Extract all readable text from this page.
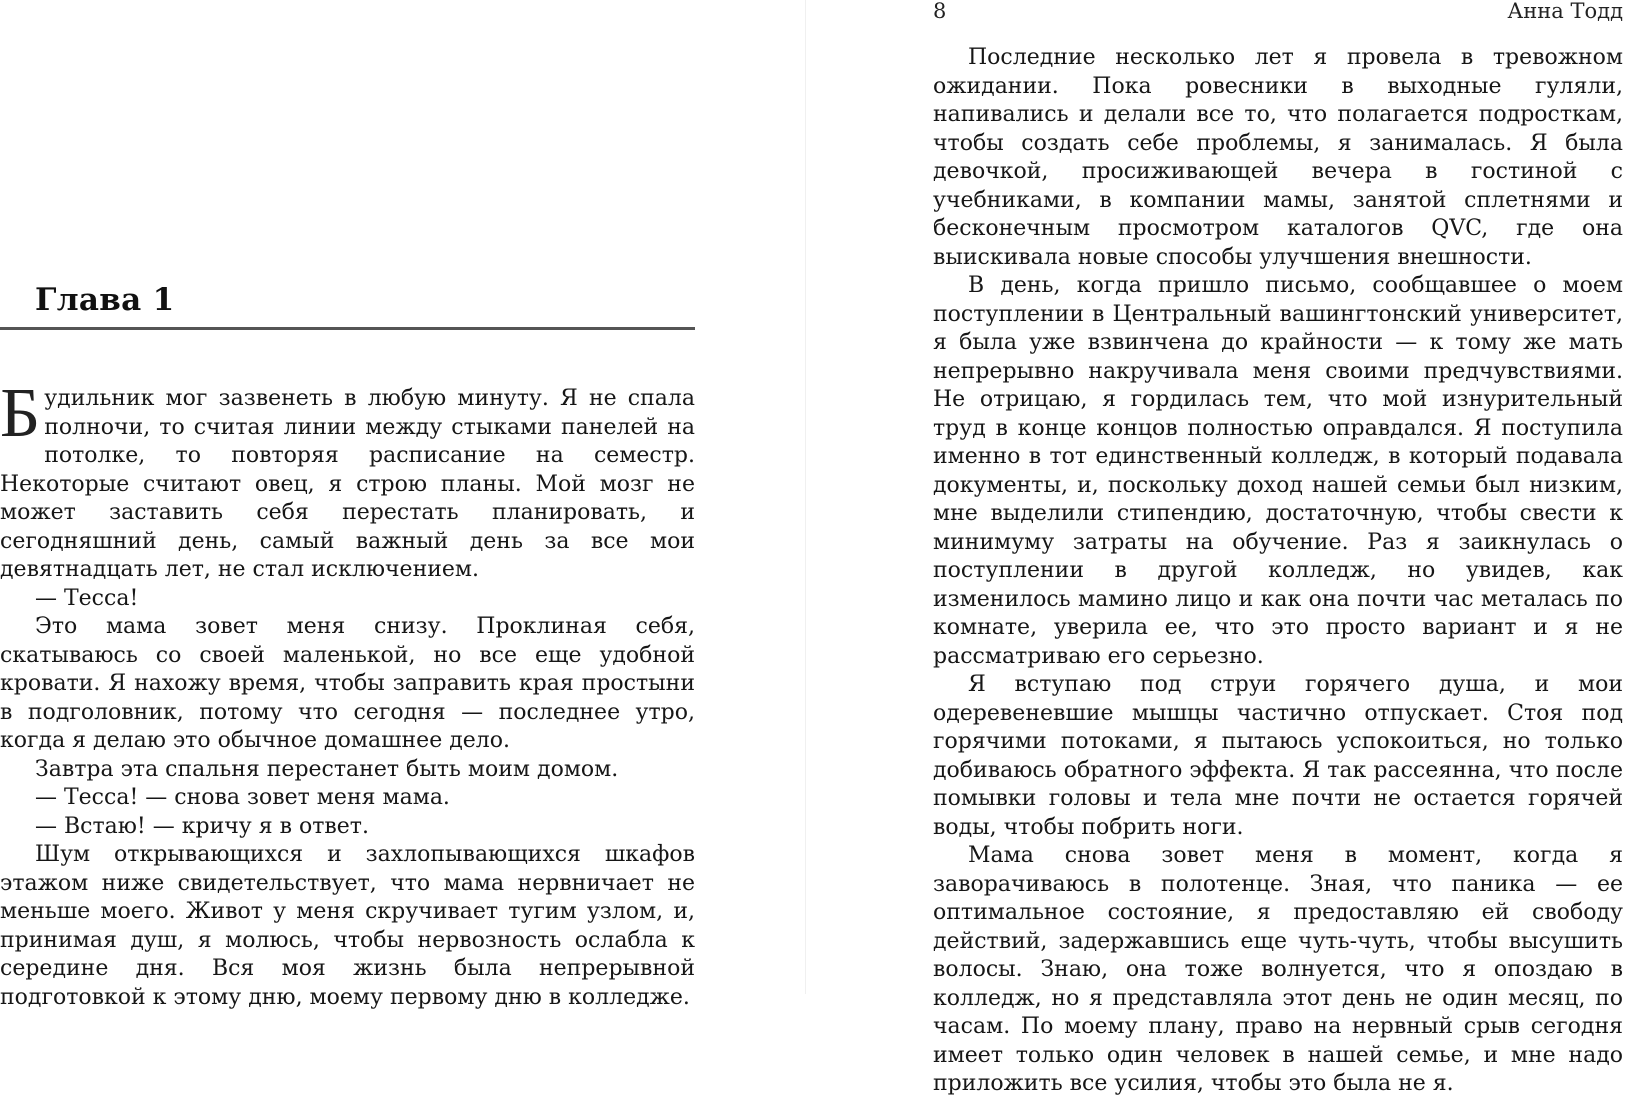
Глава 1

Будильник мог зазвенеть в любую минуту. Я не спала полночи, то считая линии между стыками панелей на потолке, то повторяя расписание на семестр. Некоторые считают овец, я строю планы. Мой мозг не может заставить себя перестать планировать, и сегодняшний день, самый важный день за все мои девятнадцать лет, не стал исключением.

— Тесса!

Это мама зовет меня снизу. Проклиная себя, скатываюсь со своей маленькой, но все еще удобной кровати. Я нахожу время, чтобы заправить края простыни в подголовник, потому что сегодня — последнее утро, когда я делаю это обычное домашнее дело.

Завтра эта спальня перестанет быть моим домом.

— Тесса! — снова зовет меня мама.

— Встаю! — кричу я в ответ.

Шум открывающихся и захлопывающихся шкафов этажом ниже свидетельствует, что мама нервничает не меньше моего. Живот у меня скручивает тугим узлом, и, принимая душ, я молюсь, чтобы нервозность ослабла к середине дня. Вся моя жизнь была непрерывной подготовкой к этому дню, моему первому дню в колледже.

8	Анна Тодд

Последние несколько лет я провела в тревожном ожидании. Пока ровесники в выходные гуляли, напивались и делали все то, что полагается подросткам, чтобы создать себе проблемы, я занималась. Я была девочкой, просиживающей вечера в гостиной с учебниками, в компании мамы, занятой сплетнями и бесконечным просмотром каталогов QVC, где она выискивала новые способы улучшения внешности.

В день, когда пришло письмо, сообщавшее о моем поступлении в Центральный вашингтонский университет, я была уже взвинчена до крайности — к тому же мать непрерывно накручивала меня своими предчувствиями. Не отрицаю, я гордилась тем, что мой изнурительный труд в конце концов полностью оправдался. Я поступила именно в тот единственный колледж, в который подавала документы, и, поскольку доход нашей семьи был низким, мне выделили стипендию, достаточную, чтобы свести к минимуму затраты на обучение. Раз я заикнулась о поступлении в другой колледж, но увидев, как изменилось мамино лицо и как она почти час металась по комнате, уверила ее, что это просто вариант и я не рассматриваю его серьезно.

Я вступаю под струи горячего душа, и мои одеревеневшие мышцы частично отпускает. Стоя под горячими потоками, я пытаюсь успокоиться, но только добиваюсь обратного эффекта. Я так рассеянна, что после помывки головы и тела мне почти не остается горячей воды, чтобы побрить ноги.

Мама снова зовет меня в момент, когда я заворачиваюсь в полотенце. Зная, что паника — ее оптимальное состояние, я предоставляю ей свободу действий, задержавшись еще чуть-чуть, чтобы высушить волосы. Знаю, она тоже волнуется, что я опоздаю в колледж, но я представляла этот день не один месяц, по часам. По моему плану, право на нервный срыв сегодня имеет только один человек в нашей семье, и мне надо приложить все усилия, чтобы это была не я.
